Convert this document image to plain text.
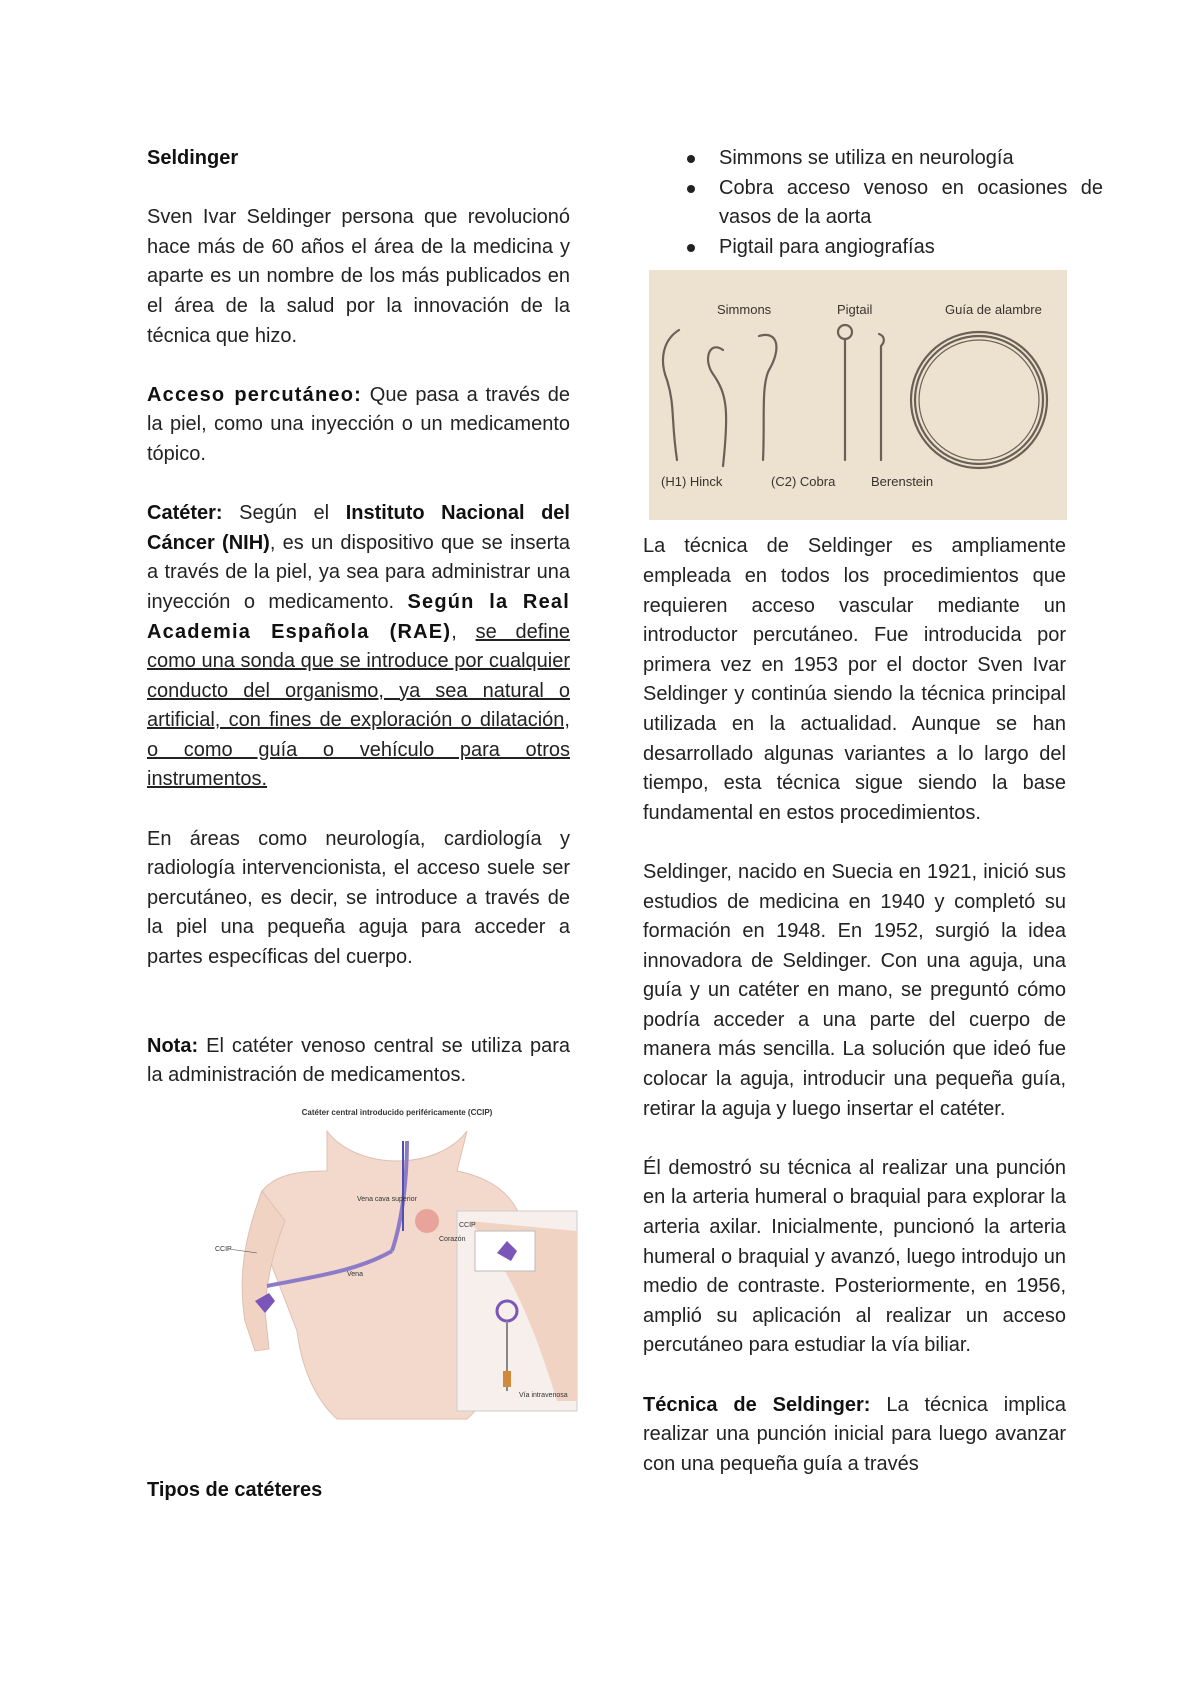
Seldinger

Sven Ivar Seldinger persona que revolucionó hace más de 60 años el área de la medicina y aparte es un nombre de los más publicados en el área de la salud por la innovación de la técnica que hizo.

Acceso percutáneo: Que pasa a través de la piel, como una inyección o un medicamento tópico.

Catéter: Según el Instituto Nacional del Cáncer (NIH), es un dispositivo que se inserta a través de la piel, ya sea para administrar una inyección o medicamento. Según la Real Academia Española (RAE), se define como una sonda que se introduce por cualquier conducto del organismo, ya sea natural o artificial, con fines de exploración o dilatación, o como guía o vehículo para otros instrumentos.

En áreas como neurología, cardiología y radiología intervencionista, el acceso suele ser percutáneo, es decir, se introduce a través de la piel una pequeña aguja para acceder a partes específicas del cuerpo.

Nota: El catéter venoso central se utiliza para la administración de medicamentos.

Catéter central introducido periféricamente (CCIP)
Vena cava superior
Corazón
CCIP
Vena
CCIP
Vía intravenosa
Tipos de catéteres
Simmons se utiliza en neurología
Cobra acceso venoso en ocasiones de vasos de la aorta
Pigtail para angiografías
Simmons	Pigtail	Guía de alambre
(H1) Hinck	(C2) Cobra	Berenstein

La técnica de Seldinger es ampliamente empleada en todos los procedimientos que requieren acceso vascular mediante un introductor percutáneo. Fue introducida por primera vez en 1953 por el doctor Sven Ivar Seldinger y continúa siendo la técnica principal utilizada en la actualidad. Aunque se han desarrollado algunas variantes a lo largo del tiempo, esta técnica sigue siendo la base fundamental en estos procedimientos.

Seldinger, nacido en Suecia en 1921, inició sus estudios de medicina en 1940 y completó su formación en 1948. En 1952, surgió la idea innovadora de Seldinger. Con una aguja, una guía y un catéter en mano, se preguntó cómo podría acceder a una parte del cuerpo de manera más sencilla. La solución que ideó fue colocar la aguja, introducir una pequeña guía, retirar la aguja y luego insertar el catéter.

Él demostró su técnica al realizar una punción en la arteria humeral o braquial para explorar la arteria axilar. Inicialmente, puncionó la arteria humeral o braquial y avanzó, luego introdujo un medio de contraste. Posteriormente, en 1956, amplió su aplicación al realizar un acceso percutáneo para estudiar la vía biliar.

Técnica de Seldinger: La técnica implica realizar una punción inicial para luego avanzar con una pequeña guía a través
